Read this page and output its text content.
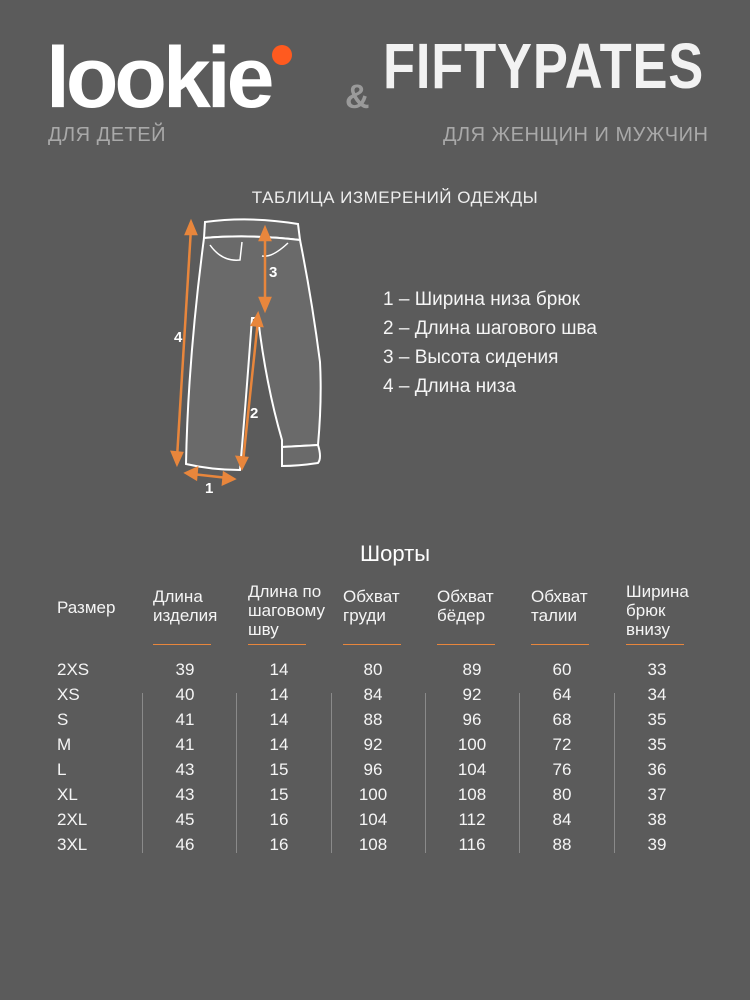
lookie & FIFTYPATES
ДЛЯ ДЕТЕЙ	ДЛЯ ЖЕНЩИН И МУЖЧИН
ТАБЛИЦА ИЗМЕРЕНИЙ ОДЕЖДЫ
1
2
3
4
1 – Ширина низа брюк
2 – Длина шагового шва
3 – Высота сидения
4 – Длина низа
Шорты
Размер
Длина
изделия
Длина по
шаговому
шву
Обхват
груди
Обхват
бёдер
Обхват
талии
Ширина
брюк
внизу
2XS
XS
S
M
L
XL
2XL
3XL
39
40
41
41
43
43
45
46
14
14
14
14
15
15
16
16
80
84
88
92
96
100
104
108
89
92
96
100
104
108
112
116
60
64
68
72
76
80
84
88
33
34
35
35
36
37
38
39
